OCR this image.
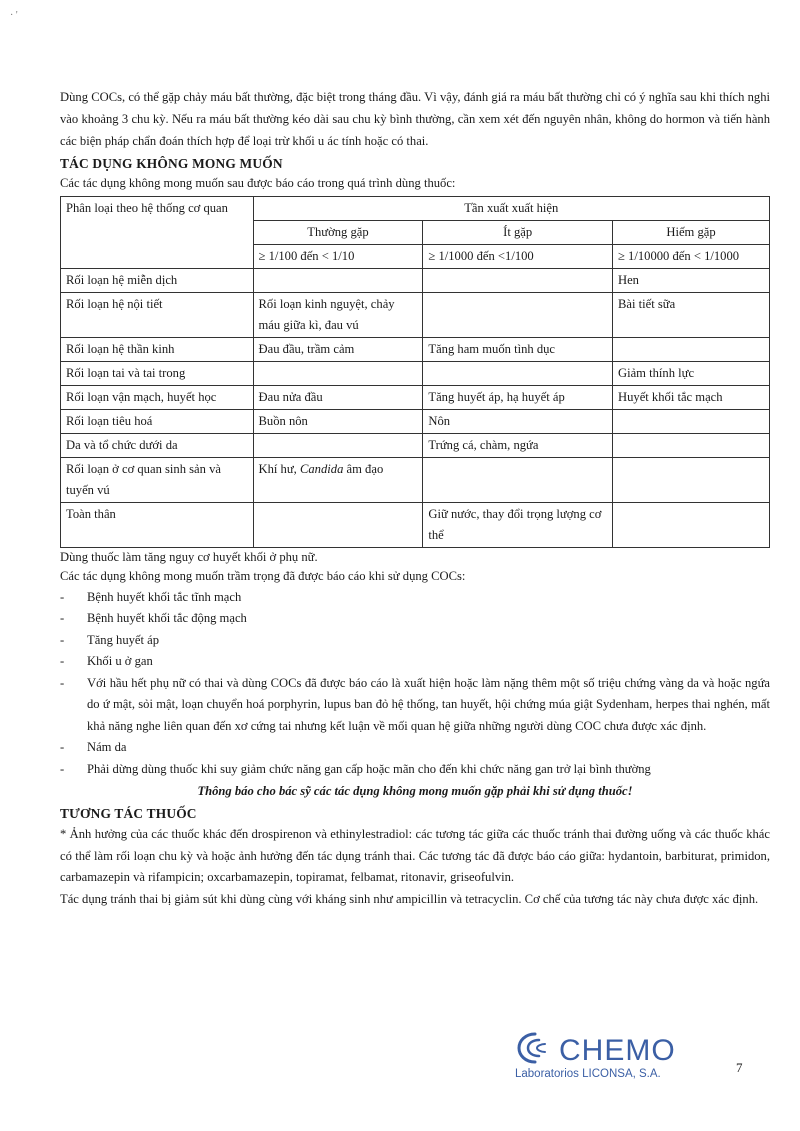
· '

Dùng COCs, có thể gặp chảy máu bất thường, đặc biệt trong tháng đầu. Vì vậy, đánh giá ra máu bất thường chỉ có ý nghĩa sau khi thích nghi vào khoảng 3 chu kỳ. Nếu ra máu bất thường kéo dài sau chu kỳ bình thường, cần xem xét đến nguyên nhân, không do hormon và tiến hành các biện pháp chẩn đoán thích hợp để loại trừ khối u ác tính hoặc có thai.

TÁC DỤNG KHÔNG MONG MUỐN

Các tác dụng không mong muốn sau được báo cáo trong quá trình dùng thuốc:

Phân loại theo hệ thống cơ quan	Tần xuất xuất hiện		
	Thường gặp	Ít gặp	Hiếm gặp
	≥ 1/100 đến < 1/10	≥ 1/1000 đến <1/100	≥ 1/10000 đến < 1/1000
Rối loạn hệ miễn dịch			Hen
Rối loạn hệ nội tiết	Rối loạn kinh nguyệt, chảy máu giữa kì, đau vú		Bài tiết sữa
Rối loạn hệ thần kinh	Đau đầu, trầm cảm	Tăng ham muốn tình dục	
Rối loạn tai và tai trong			Giảm thính lực
Rối loạn vận mạch, huyết học	Đau nửa đầu	Tăng huyết áp, hạ huyết áp	Huyết khối tắc mạch
Rối loạn tiêu hoá	Buồn nôn	Nôn	
Da và tổ chức dưới da		Trứng cá, chàm, ngứa	
Rối loạn ở cơ quan sinh sản và tuyến vú	Khí hư, Candida âm đạo		
Toàn thân		Giữ nước, thay đổi trọng lượng cơ thể	

Dùng thuốc làm tăng nguy cơ huyết khối ở phụ nữ.

Các tác dụng không mong muốn trầm trọng đã được báo cáo khi sử dụng COCs:

- Bệnh huyết khối tắc tĩnh mạch
- Bệnh huyết khối tắc động mạch
- Tăng huyết áp
- Khối u ở gan
- Với hầu hết phụ nữ có thai và dùng COCs đã được báo cáo là xuất hiện hoặc làm nặng thêm một số triệu chứng vàng da và hoặc ngứa do ứ mật, sỏi mật, loạn chuyển hoá porphyrin, lupus ban đỏ hệ thống, tan huyết, hội chứng múa giật Sydenham, herpes thai nghén, mất khả năng nghe liên quan đến xơ cứng tai nhưng kết luận về mối quan hệ giữa những người dùng COC chưa được xác định.
- Nám da
- Phải dừng dùng thuốc khi suy giảm chức năng gan cấp hoặc mãn cho đến khi chức năng gan trở lại bình thường

Thông báo cho bác sỹ các tác dụng không mong muốn gặp phải khi sử dụng thuốc!

TƯƠNG TÁC THUỐC

* Ảnh hưởng của các thuốc khác đến drospirenon và ethinylestradiol: các tương tác giữa các thuốc tránh thai đường uống và các thuốc khác có thể làm rối loạn chu kỳ và hoặc ảnh hưởng đến tác dụng tránh thai. Các tương tác đã được báo cáo giữa: hydantoin, barbiturat, primidon, carbamazepin và rifampicin; oxcarbamazepin, topiramat, felbamat, ritonavir, griseofulvin.

Tác dụng tránh thai bị giảm sút khi dùng cùng với kháng sinh như ampicillin và tetracyclin. Cơ chế của tương tác này chưa được xác định.

CHEMO
Laboratorios LICONSA, S.A.	7
